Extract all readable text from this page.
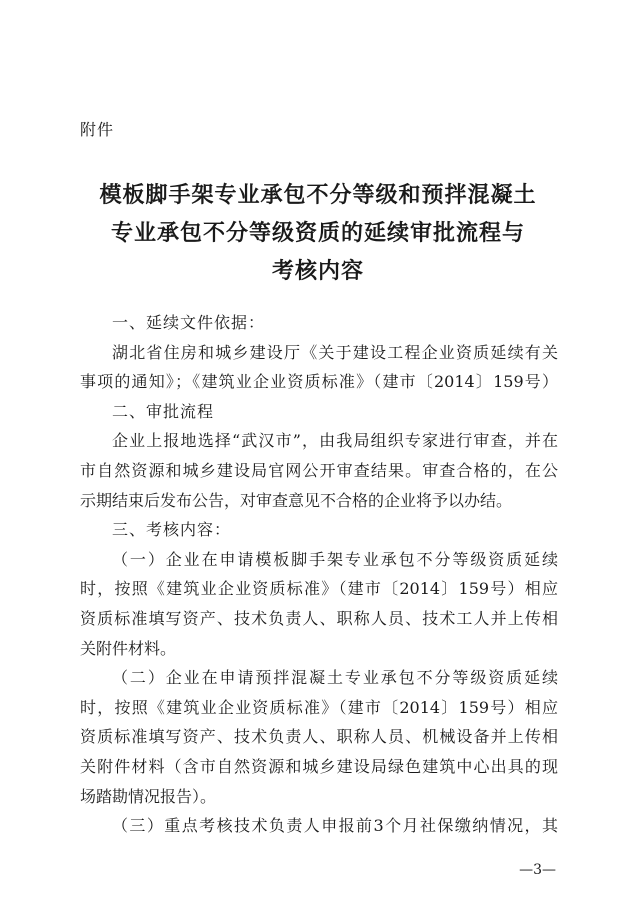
附件
模板脚手架专业承包不分等级和预拌混凝土
专业承包不分等级资质的延续审批流程与
考核内容
一、延续文件依据：
湖北省住房和城乡建设厅《关于建设工程企业资质延续有关
事项的通知》；《建筑业企业资质标准》（建市〔2014〕159号）
二、审批流程
企业上报地选择“武汉市”，由我局组织专家进行审查，并在
市自然资源和城乡建设局官网公开审查结果。审查合格的，在公
示期结束后发布公告，对审查意见不合格的企业将予以办结。
三、考核内容：
（一）企业在申请模板脚手架专业承包不分等级资质延续
时，按照《建筑业企业资质标准》（建市〔2014〕159号）相应
资质标准填写资产、技术负责人、职称人员、技术工人并上传相
关附件材料。
（二）企业在申请预拌混凝土专业承包不分等级资质延续
时，按照《建筑业企业资质标准》（建市〔2014〕159号）相应
资质标准填写资产、技术负责人、职称人员、机械设备并上传相
关附件材料（含市自然资源和城乡建设局绿色建筑中心出具的现
场踏勘情况报告）。
（三）重点考核技术负责人申报前3个月社保缴纳情况，其
—3—
